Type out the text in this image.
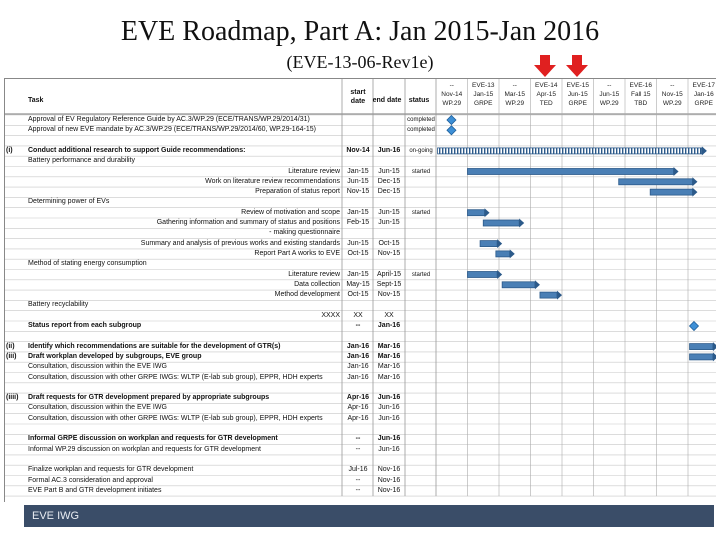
EVE Roadmap, Part A: Jan 2015-Jan 2016
(EVE-13-06-Rev1e)
Task
start date	end date	status
--
Nov-14
WP.29
EVE-13
Jan-15
GRPE
--
Mar-15
WP.29
EVE-14
Apr-15
TED
EVE-15
Jun-15
GRPE
--
Jun-15
WP.29
EVE-16
Fall 15
TBD
--
Nov-15
WP.29
EVE-17
Jan-16
GRPE
Approval of EV Regulatory Reference Guide by AC.3/WP.29 (ECE/TRANS/WP.29/2014/31)	completed
Approval of new EVE mandate by AC.3/WP.29 (ECE/TRANS/WP.29/2014/60, WP.29-164-15)	completed
(i) Conduct additional research to support Guide recommendations:	Nov-14	Jun-16	on-going
Battery performance and durability
Literature review	Jan-15	Jun-15	started
Work on literature review recommendations	Jun-15	Dec-15
Preparation of status report Nov-15	Dec-15
Determining power of EVs
Review of motivation and scope	Jan-15	Jun-15	started
Gathering information and summary of status and positions Feb-15	Jun-15
- making questionnaire
Summary and analysis of previous works and existing standards	Jun-15	Oct-15
Report Part A works to EVE	Oct-15	Nov-15
Method of stating energy consumption
Literature review	Jan-15	April-15	started
Data collection May-15	Sept-15
Method development	Oct-15	Nov-15
Battery recyclability
XXXX	XX	XX
Status report from each subgroup	--	Jan-16
(ii) Identify which recommendations are suitable for the development of GTR(s)	Jan-16	Mar-16
(iii) Draft workplan developed by subgroups, EVE group	Jan-16	Mar-16
Consultation, discussion within the EVE IWG	Jan-16	Mar-16
Consultation, discussion with other GRPE IWGs: WLTP (E-lab sub group), EPPR, HDH experts	Jan-16	Mar-16
(iiii) Draft requests for GTR development prepared by appropriate subgroups	Apr-16	Jun-16
Consultation, discussion within the EVE IWG	Apr-16	Jun-16
Consultation, discussion with other GRPE IWGs: WLTP (E-lab sub group), EPPR, HDH experts	Apr-16	Jun-16
Informal GRPE discussion on workplan and requests for GTR development	--	Jun-16
Informal WP.29 discussion on workplan and requests for GTR development	--	Jun-16
Finalize workplan and requests for GTR development	Jul-16	Nov-16
Formal AC.3 consideration and approval	--	Nov-16
EVE Part B and GTR development initiates	--	Nov-16
EVE IWG
